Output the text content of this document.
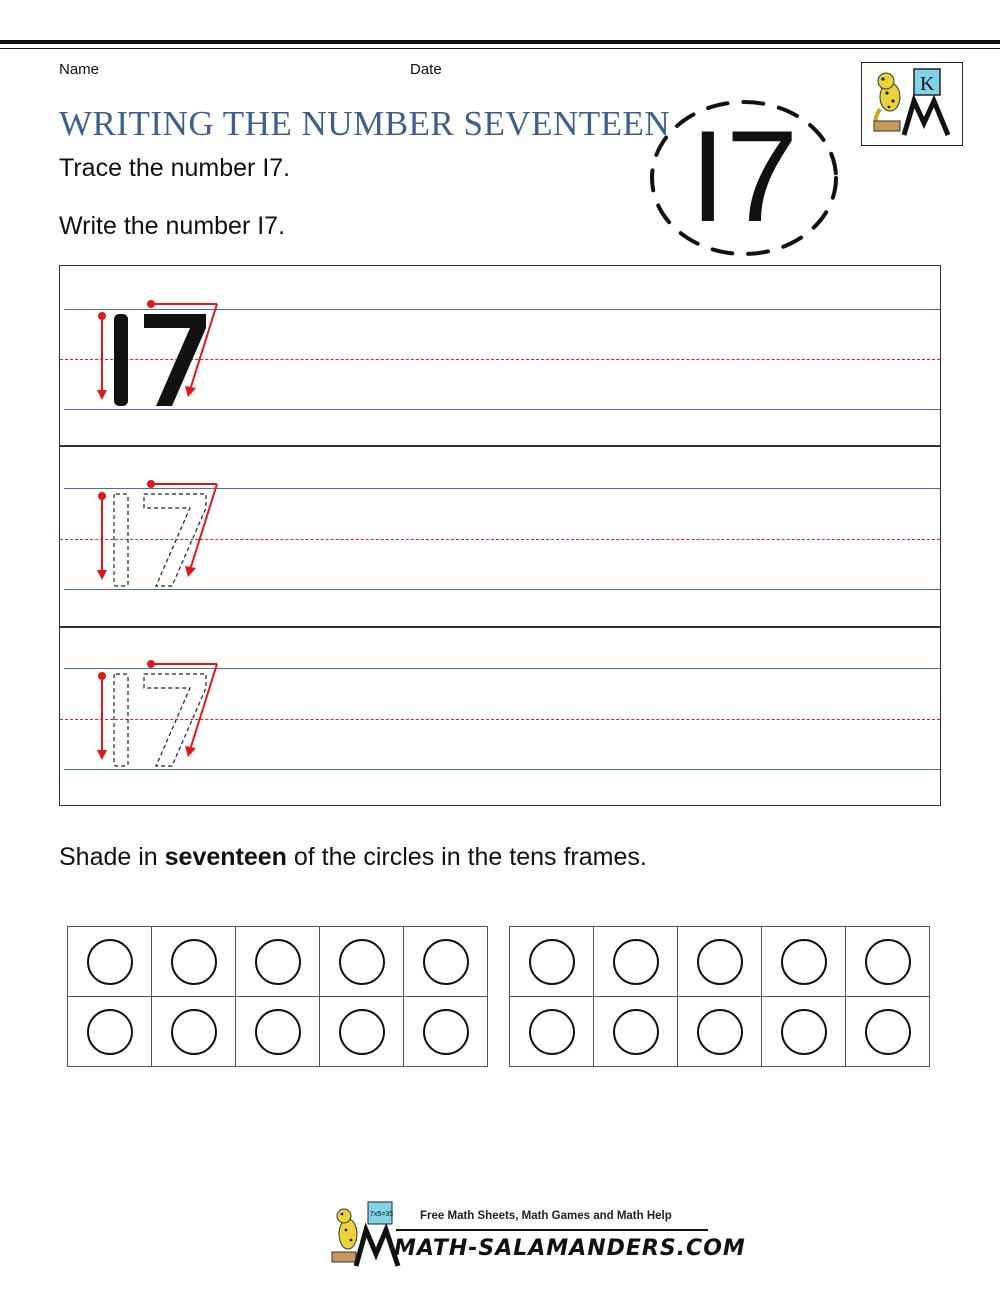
Name	Date
K
WRITING THE NUMBER SEVENTEEN
Trace the number I7.
Write the number I7.	I7
Shade in seventeen of the circles in the tens frames.

7x5=35 Free Math Sheets, Math Games and Math Help
MATH-SALAMANDERS.COM
